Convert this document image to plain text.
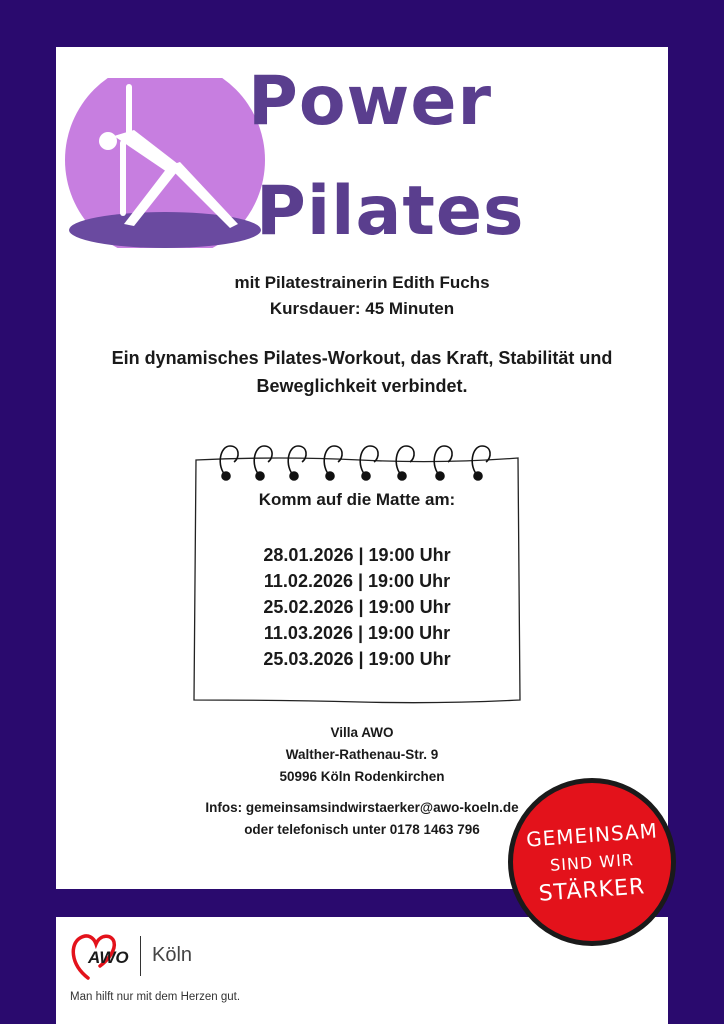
Power
Pilates
mit Pilatestrainerin Edith Fuchs
Kursdauer: 45 Minuten
Ein dynamisches Pilates-Workout, das Kraft, Stabilität und
Beweglichkeit verbindet.
Komm auf die Matte am:
28.01.2026 | 19:00 Uhr
11.02.2026 | 19:00 Uhr
25.02.2026 | 19:00 Uhr
11.03.2026 | 19:00 Uhr
25.03.2026 | 19:00 Uhr
Villa AWO
Walther-Rathenau-Str. 9
50996 Köln Rodenkirchen
Infos: gemeinsamsindwirstaerker@awo-koeln.de
oder telefonisch unter 0178 1463 796	GEMEINSAM
SIND WIR
STÄRKER
AWO Köln
Man hilft nur mit dem Herzen gut.
